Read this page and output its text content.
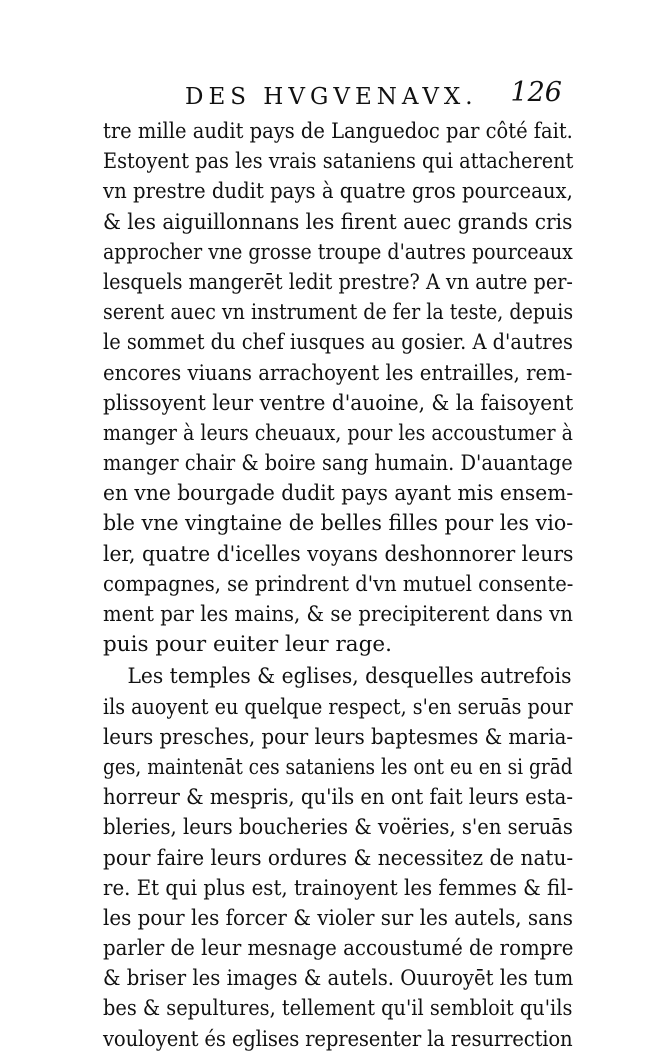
DES HVGVENAVX. 126
tre mille audit pays de Languedoc par côté fait.
Estoyent pas les vrais sataniens qui attacherent
vn prestre dudit pays à quatre gros pourceaux,
& les aiguillonnans les firent auec grands cris
approcher vne grosse troupe d'autres pourceaux
lesquels mangerēt ledit prestre? A vn autre per-
serent auec vn instrument de fer la teste, depuis
le sommet du chef iusques au gosier. A d'autres
encores viuans arrachoyent les entrailles, rem-
plissoyent leur ventre d'auoine, & la faisoyent
manger à leurs cheuaux, pour les accoustumer à
manger chair & boire sang humain. D'auantage
en vne bourgade dudit pays ayant mis ensem-
ble vne vingtaine de belles filles pour les vio-
ler, quatre d'icelles voyans deshonnorer leurs
compagnes, se prindrent d'vn mutuel consente-
ment par les mains, & se precipiterent dans vn
puis pour euiter leur rage.
Les temples & eglises, desquelles autrefois
ils auoyent eu quelque respect, s'en seruās pour
leurs presches, pour leurs baptesmes & maria-
ges, maintenāt ces sataniens les ont eu en si grād
horreur & mespris, qu'ils en ont fait leurs esta-
bleries, leurs boucheries & voëries, s'en seruās
pour faire leurs ordures & necessitez de natu-
re. Et qui plus est, trainoyent les femmes & fil-
les pour les forcer & violer sur les autels, sans
parler de leur mesnage accoustumé de rompre
& briser les images & autels. Ouuroyēt les tum
bes & sepultures, tellement qu'il sembloit qu'ils
vouloyent és eglises representer la resurrection
